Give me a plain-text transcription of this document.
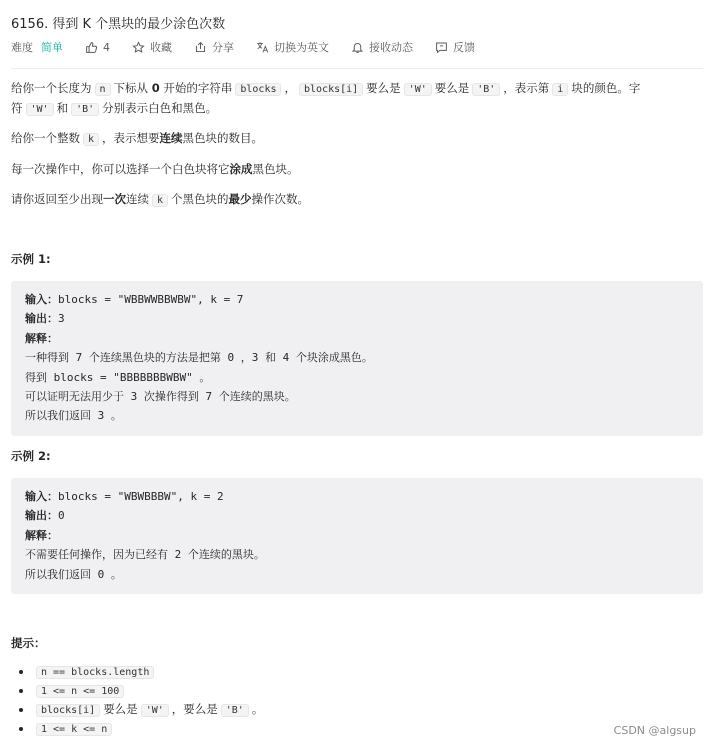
6156. 得到 K 个黑块的最少涂色次数
难度 简单	4	收藏	分享	切换为英文	接收动态	反馈
给你一个长度为 n 下标从 0 开始的字符串 blocks ， blocks[i] 要么是 'W' 要么是 'B' ，表示第 i 块的颜色。字符 'W' 和 'B' 分别表示白色和黑色。
给你一个整数 k ，表示想要连续黑色块的数目。
每一次操作中，你可以选择一个白色块将它涂成黑色块。
请你返回至少出现一次连续 k 个黑色块的最少操作次数。
示例 1:
输入：blocks = "WBBWWBBWBW", k = 7
输出：3
解释：
一种得到 7 个连续黑色块的方法是把第 0 ，3 和 4 个块涂成黑色。
得到 blocks = "BBBBBBBWBW" 。
可以证明无法用少于 3 次操作得到 7 个连续的黑块。
所以我们返回 3 。
示例 2:
输入：blocks = "WBWBBBW", k = 2
输出：0
解释：
不需要任何操作，因为已经有 2 个连续的黑块。
所以我们返回 0 。
提示：
• n == blocks.length
• 1 <= n <= 100
• blocks[i] 要么是 'W' ，要么是 'B' 。
• 1 <= k <= n	CSDN @algsup
